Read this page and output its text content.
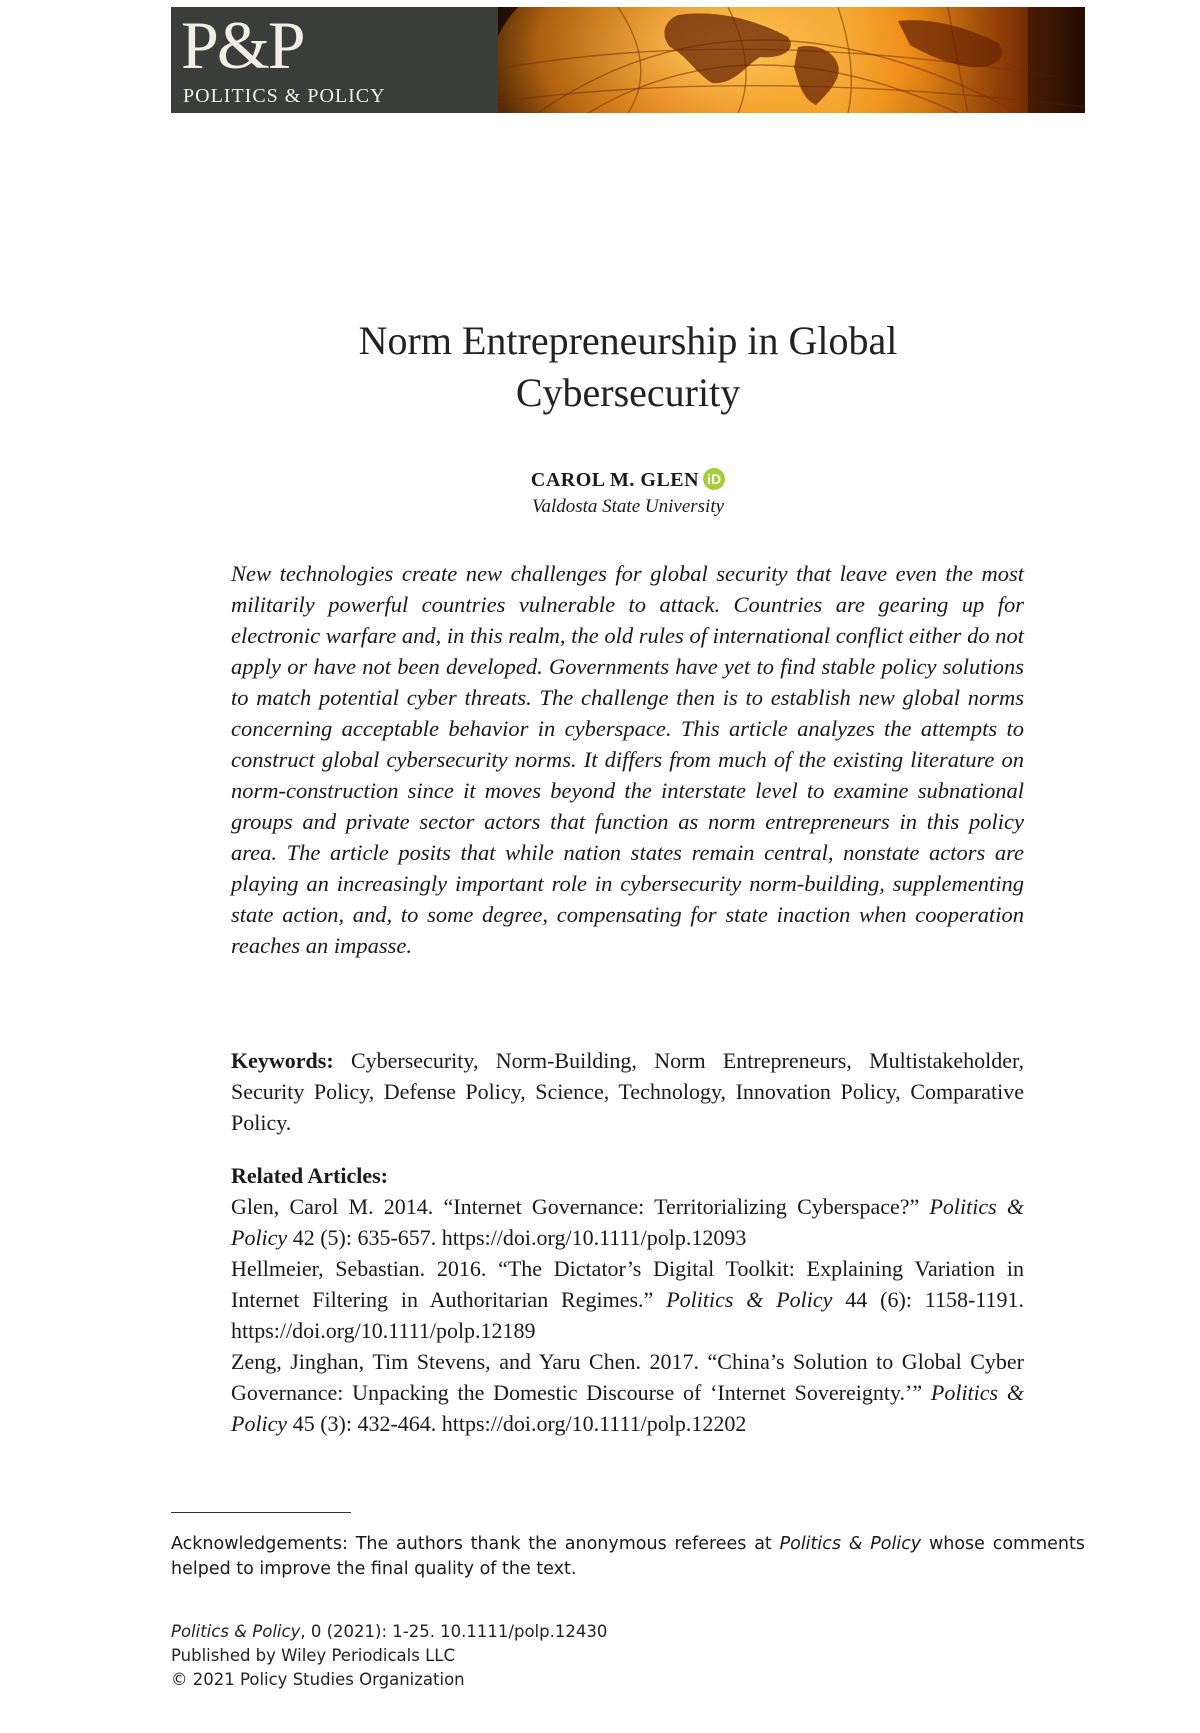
P&P
POLITICS & POLICY
Norm Entrepreneurship in Global
Cybersecurity
CAROL M. GLEN iD
Valdosta State University

New technologies create new challenges for global security that leave even the most militarily powerful countries vulnerable to attack. Countries are gearing up for electronic warfare and, in this realm, the old rules of international conflict either do not apply or have not been developed. Governments have yet to find stable policy solutions to match potential cyber threats. The challenge then is to establish new global norms concerning acceptable behavior in cyberspace. This article analyzes the attempts to construct global cybersecurity norms. It differs from much of the existing literature on norm-construction since it moves beyond the interstate level to examine subnational groups and private sector actors that function as norm entrepreneurs in this policy area. The article posits that while nation states remain central, nonstate actors are playing an increasingly important role in cybersecurity norm-building, supplementing state action, and, to some degree, compensating for state inaction when cooperation reaches an impasse.

Keywords: Cybersecurity, Norm-Building, Norm Entrepreneurs, Multistakeholder, Security Policy, Defense Policy, Science, Technology, Innovation Policy, Comparative Policy.

Related Articles:

Glen, Carol M. 2014. “Internet Governance: Territorializing Cyberspace?” Politics & Policy 42 (5): 635-657. https://doi.org/10.1111/polp.12093

Hellmeier, Sebastian. 2016. “The Dictator’s Digital Toolkit: Explaining Variation in Internet Filtering in Authoritarian Regimes.” Politics & Policy 44 (6): 1158-1191. https://doi.org/10.1111/polp.12189

Zeng, Jinghan, Tim Stevens, and Yaru Chen. 2017. “China’s Solution to Global Cyber Governance: Unpacking the Domestic Discourse of ‘Internet Sovereignty.’” Politics & Policy 45 (3): 432-464. https://doi.org/10.1111/polp.12202

Acknowledgements: The authors thank the anonymous referees at Politics & Policy whose comments helped to improve the final quality of the text.

Politics & Policy, 0 (2021): 1-25. 10.1111/polp.12430
Published by Wiley Periodicals LLC
© 2021 Policy Studies Organization
